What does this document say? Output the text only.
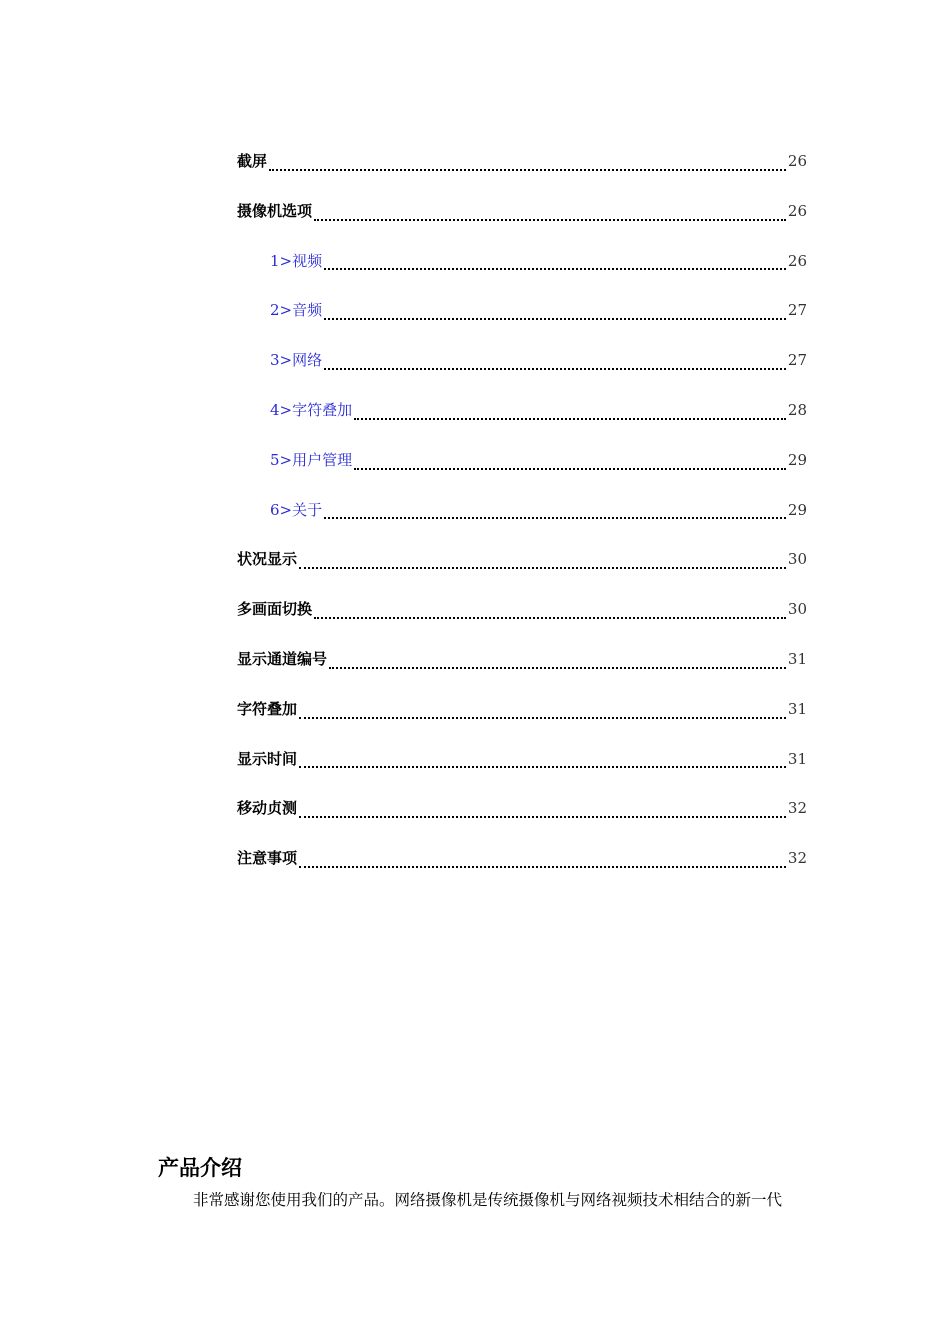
截屏	26
摄像机选项	26
1>视频	26
2>音频	27
3>网络	27
4>字符叠加	28
5>用户管理	29
6>关于	29
状况显示	30
多画面切换	30
显示通道编号	31
字符叠加	31
显示时间	31
移动贞测	32
注意事项	32
产品介绍

非常感谢您使用我们的产品。网络摄像机是传统摄像机与网络视频技术相结合的新一代
